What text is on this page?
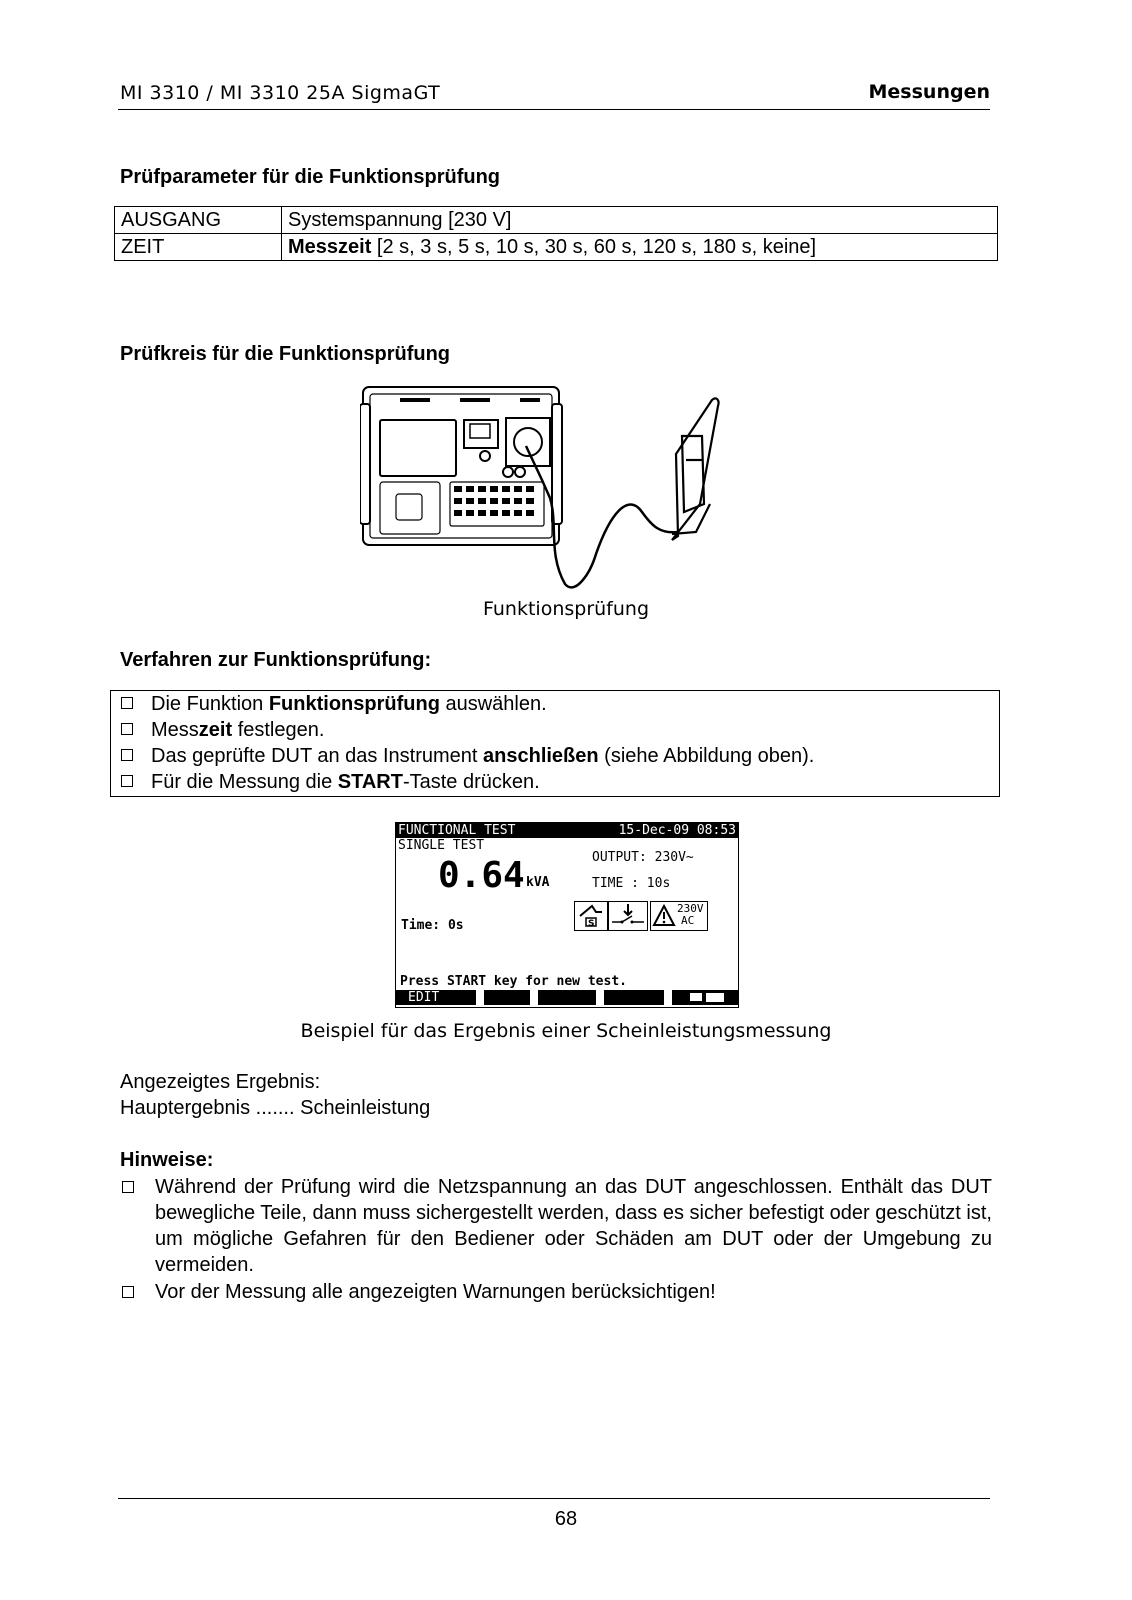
MI 3310 / MI 3310 25A SigmaGT	Messungen
Prüfparameter für die Funktionsprüfung
AUSGANG	Systemspannung [230 V]
ZEIT	Messzeit [2 s, 3 s, 5 s, 10 s, 30 s, 60 s, 120 s, 180 s, keine]
Prüfkreis für die Funktionsprüfung
Funktionsprüfung
Verfahren zur Funktionsprüfung:
Die Funktion Funktionsprüfung auswählen.
Messzeit festlegen.
Das geprüfte DUT an das Instrument anschließen (siehe Abbildung oben).
Für die Messung die START-Taste drücken.
FUNCTIONAL TEST	15-Dec-09 08:53
SINGLE TEST
0.64 kVA
OUTPUT: 230V~
TIME : 10s
Time: 0s	S
230V
AC
Press START key for new test.
EDIT
Beispiel für das Ergebnis einer Scheinleistungsmessung
Angezeigtes Ergebnis:
Hauptergebnis ....... Scheinleistung
Hinweise:
Während der Prüfung wird die Netzspannung an das DUT angeschlossen. Enthält das DUT bewegliche Teile, dann muss sichergestellt werden, dass es sicher befestigt oder geschützt ist, um mögliche Gefahren für den Bediener oder Schäden am DUT oder der Umgebung zu vermeiden.
Vor der Messung alle angezeigten Warnungen berücksichtigen!
68
